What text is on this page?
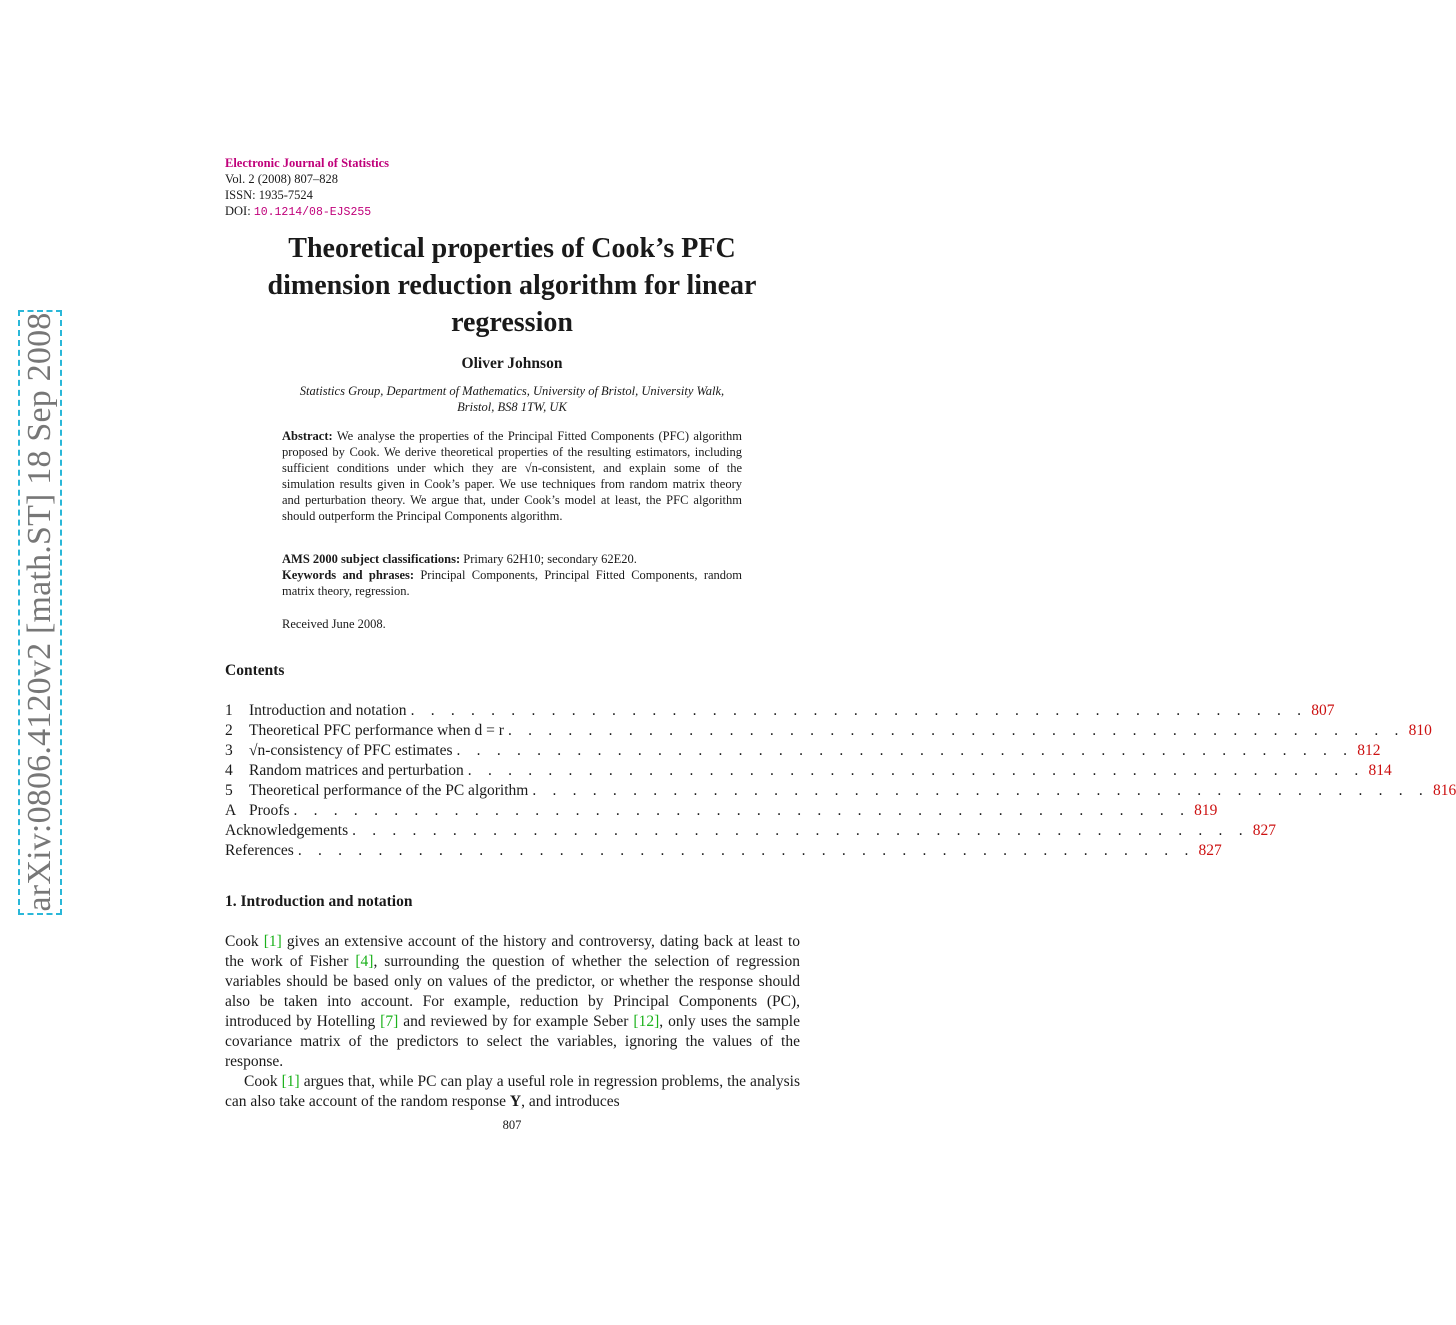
arXiv:0806.4120v2 [math.ST] 18 Sep 2008
Electronic Journal of Statistics
Vol. 2 (2008) 807–828
ISSN: 1935-7524
DOI: 10.1214/08-EJS255
Theoretical properties of Cook’s PFC
dimension reduction algorithm for linear
regression
Oliver Johnson
Statistics Group, Department of Mathematics, University of Bristol, University Walk,
Bristol, BS8 1TW, UK
Abstract: We analyse the properties of the Principal Fitted Components (PFC) algorithm proposed by Cook. We derive theoretical properties of the resulting estimators, including sufficient conditions under which they are √n-consistent, and explain some of the simulation results given in Cook’s paper. We use techniques from random matrix theory and perturbation theory. We argue that, under Cook’s model at least, the PFC algorithm should outperform the Principal Components algorithm.
AMS 2000 subject classifications: Primary 62H10; secondary 62E20.
Keywords and phrases: Principal Components, Principal Fitted Components, random matrix theory, regression.
Received June 2008.
Contents
1	Introduction and notation . . . . . . . . . . . . . . . . . . . . . . . . . . . . . . . . . . . . . . . . . . . . . 807
2	Theoretical PFC performance when d = r . . . . . . . . . . . . . . . . . . . . . . . . . . . . . . . . . . . . . . . . . . . . . 810
3	√n-consistency of PFC estimates . . . . . . . . . . . . . . . . . . . . . . . . . . . . . . . . . . . . . . . . . . . . . 812
4	Random matrices and perturbation . . . . . . . . . . . . . . . . . . . . . . . . . . . . . . . . . . . . . . . . . . . . . 814
5	Theoretical performance of the PC algorithm . . . . . . . . . . . . . . . . . . . . . . . . . . . . . . . . . . . . . . . . . . . . . 816
A Proofs . . . . . . . . . . . . . . . . . . . . . . . . . . . . . . . . . . . . . . . . . . . . . 819
Acknowledgements . . . . . . . . . . . . . . . . . . . . . . . . . . . . . . . . . . . . . . . . . . . . . 827
References . . . . . . . . . . . . . . . . . . . . . . . . . . . . . . . . . . . . . . . . . . . . . 827
1. Introduction and notation
Cook [1] gives an extensive account of the history and controversy, dating back at least to the work of Fisher [4], surrounding the question of whether the selection of regression variables should be based only on values of the predictor, or whether the response should also be taken into account. For example, reduction by Principal Components (PC), introduced by Hotelling [7] and reviewed by for example Seber [12], only uses the sample covariance matrix of the predictors to select the variables, ignoring the values of the response.
Cook [1] argues that, while PC can play a useful role in regression problems, the analysis can also take account of the random response Y, and introduces
807
